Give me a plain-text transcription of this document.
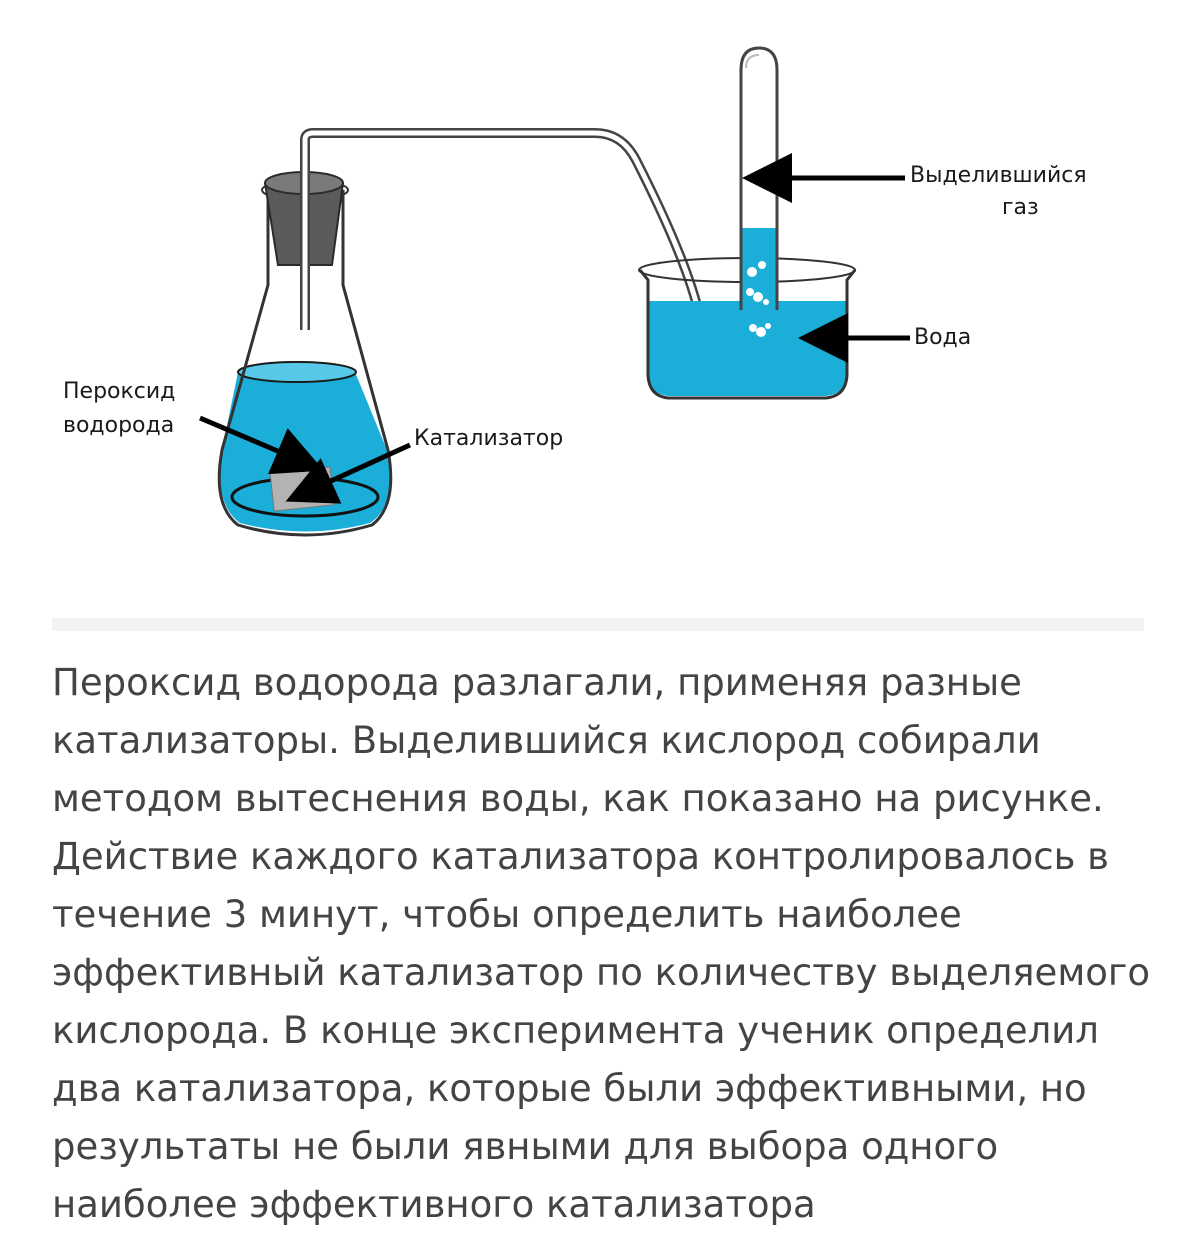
Выделившийся
газ
Вода
Пероксид
водорода
Катализатор

Пероксид водорода разлагали, применяя разные катализаторы. Выделившийся кислород собирали методом вытеснения воды, как показано на рисунке. Действие каждого катализатора контролировалось в течение 3 минут, чтобы определить наиболее эффективный катализатор по количеству выделяемого кислорода. В конце эксперимента ученик определил два катализатора, которые были эффективными, но результаты не были явными для выбора одного наиболее эффективного катализатора
